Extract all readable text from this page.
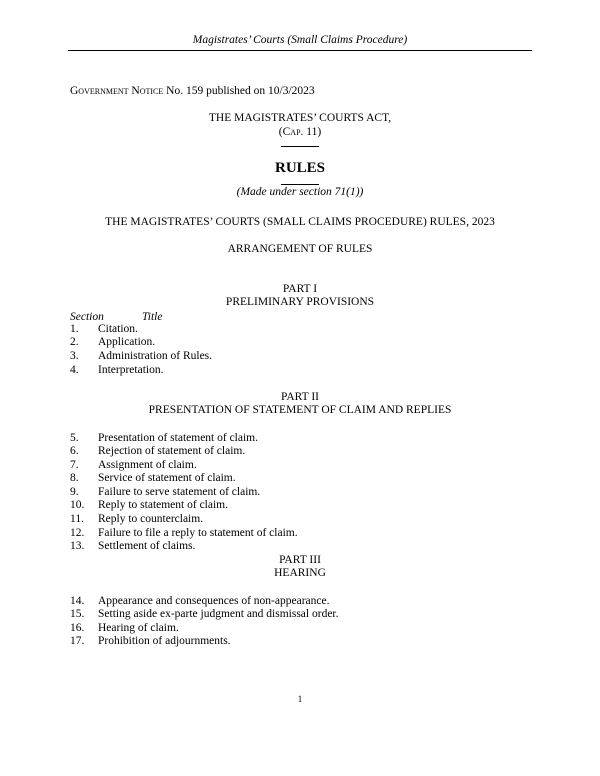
Magistrates’ Courts (Small Claims Procedure)
Government Notice No. 159 published on 10/3/2023
THE MAGISTRATES’ COURTS ACT,
(Cap. 11)
RULES
(Made under section 71(1))
THE MAGISTRATES’ COURTS (SMALL CLAIMS PROCEDURE) RULES, 2023
ARRANGEMENT OF RULES
PART I
PRELIMINARY PROVISIONS
Section	Title
1. Citation.
2. Application.
3. Administration of Rules.
4. Interpretation.
PART II
PRESENTATION OF STATEMENT OF CLAIM AND REPLIES
5. Presentation of statement of claim.
6. Rejection of statement of claim.
7. Assignment of claim.
8. Service of statement of claim.
9. Failure to serve statement of claim.
10. Reply to statement of claim.
11. Reply to counterclaim.
12. Failure to file a reply to statement of claim.
13. Settlement of claims.
PART III
HEARING
14. Appearance and consequences of non-appearance.
15. Setting aside ex-parte judgment and dismissal order.
16. Hearing of claim.
17. Prohibition of adjournments.
1
